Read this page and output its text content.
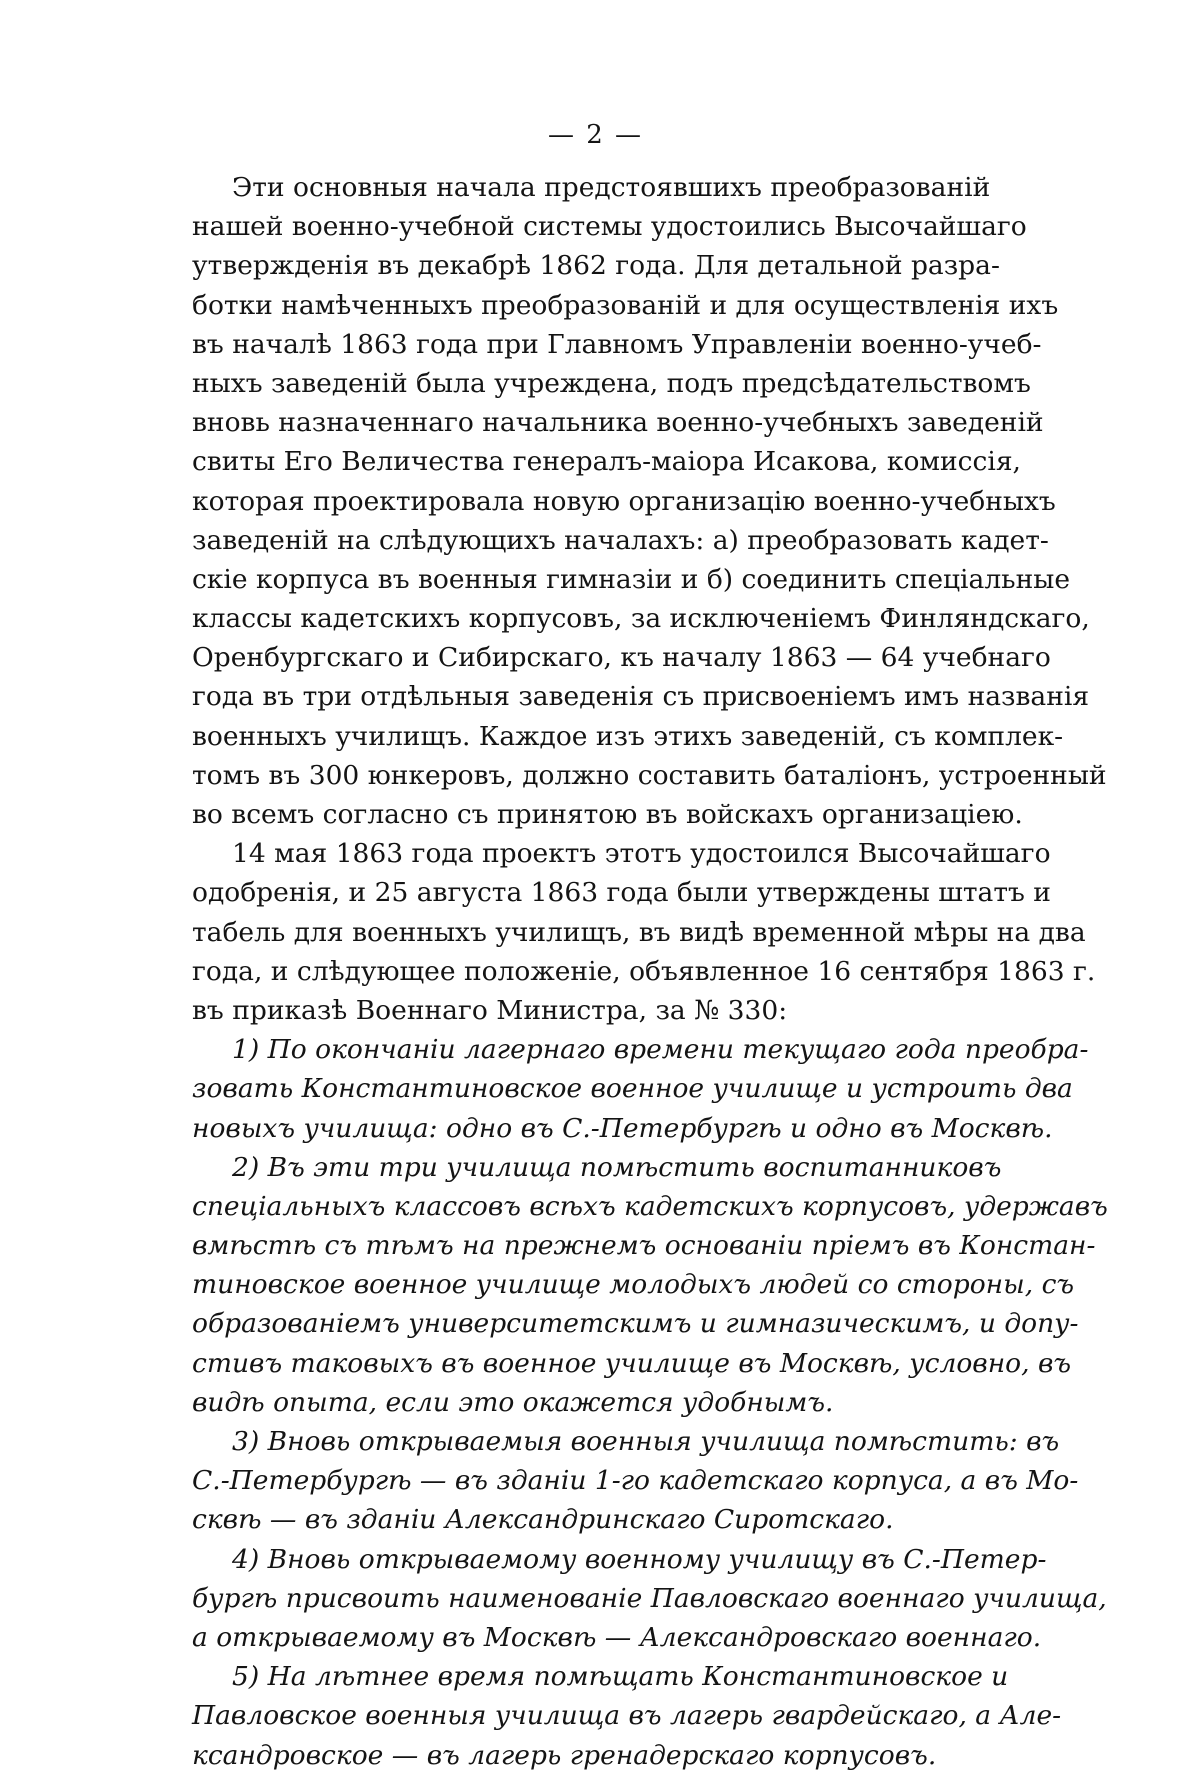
— 2 —
Эти основныя начала предстоявшихъ преобразованій
нашей военно-учебной системы удостоились Высочайшаго
утвержденія въ декабрѣ 1862 года. Для детальной разра-
ботки намѣченныхъ преобразованій и для осуществленія ихъ
въ началѣ 1863 года при Главномъ Управленіи военно-учеб-
ныхъ заведеній была учреждена, подъ предсѣдательствомъ
вновь назначеннаго начальника военно-учебныхъ заведеній
свиты Его Величества генералъ-маіора Исакова, комиссія,
которая проектировала новую организацію военно-учебныхъ
заведеній на слѣдующихъ началахъ: а) преобразовать кадет-
скіе корпуса въ военныя гимназіи и б) соединить спеціальные
классы кадетскихъ корпусовъ, за исключеніемъ Финляндскаго,
Оренбургскаго и Сибирскаго, къ началу 1863 — 64 учебнаго
года въ три отдѣльныя заведенія съ присвоеніемъ имъ названія
военныхъ училищъ. Каждое изъ этихъ заведеній, съ комплек-
томъ въ 300 юнкеровъ, должно составить баталіонъ, устроенный
во всемъ согласно съ принятою въ войскахъ организаціею.
14 мая 1863 года проектъ этотъ удостоился Высочайшаго
одобренія, и 25 августа 1863 года были утверждены штатъ и
табель для военныхъ училищъ, въ видѣ временной мѣры на два
года, и слѣдующее положеніе, объявленное 16 сентября 1863 г.
въ приказѣ Военнаго Министра, за № 330:
1) По окончаніи лагернаго времени текущаго года преобра-
зовать Константиновское военное училище и устроить два
новыхъ училища: одно въ С.-Петербургѣ и одно въ Москвѣ.
2) Въ эти три училища помѣстить воспитанниковъ
спеціальныхъ классовъ всѣхъ кадетскихъ корпусовъ, удержавъ
вмѣстѣ съ тѣмъ на прежнемъ основаніи пріемъ въ Констан-
тиновское военное училище молодыхъ людей со стороны, съ
образованіемъ университетскимъ и гимназическимъ, и допу-
стивъ таковыхъ въ военное училище въ Москвѣ, условно, въ
видѣ опыта, если это окажется удобнымъ.
3) Вновь открываемыя военныя училища помѣстить: въ
С.-Петербургѣ — въ зданіи 1-го кадетскаго корпуса, а въ Мо-
сквѣ — въ зданіи Александринскаго Сиротскаго.
4) Вновь открываемому военному училищу въ С.-Петер-
бургѣ присвоить наименованіе Павловскаго военнаго училища,
а открываемому въ Москвѣ — Александровскаго военнаго.
5) На лѣтнее время помѣщать Константиновское и
Павловское военныя училища въ лагерь гвардейскаго, а Але-
ксандровское — въ лагерь гренадерскаго корпусовъ.
